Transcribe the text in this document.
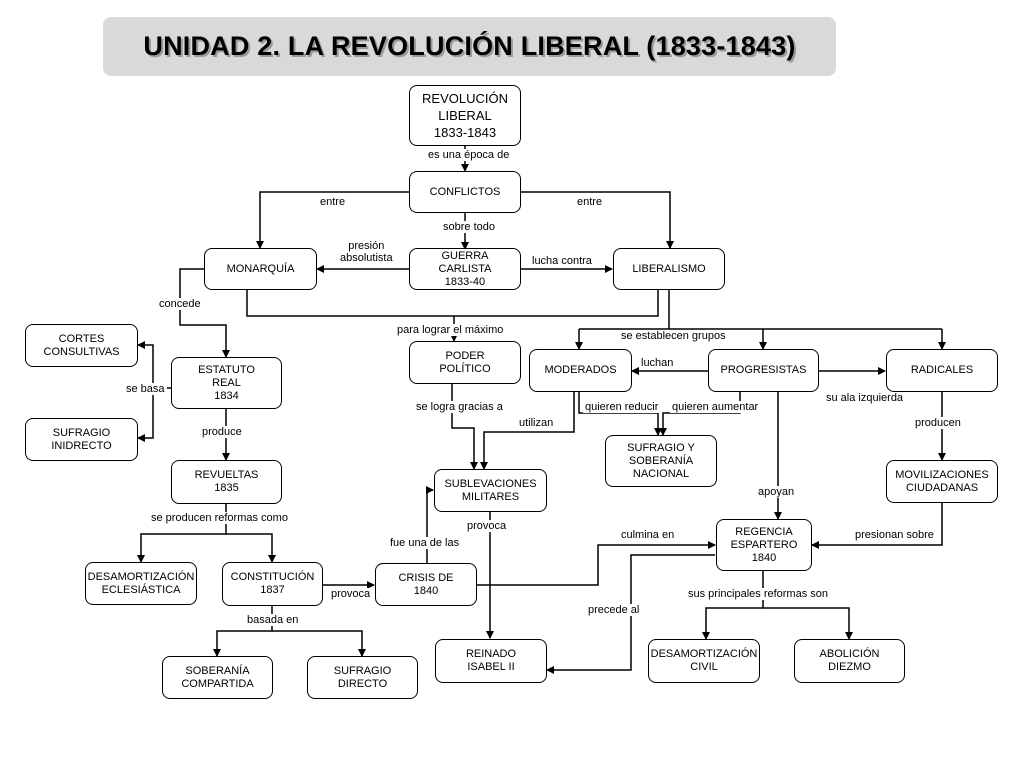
UNIDAD 2. LA REVOLUCIÓN LIBERAL (1833-1843)
REVOLUCIÓN
LIBERAL
1833-1843
CONFLICTOS
MONARQUÍA
GUERRA
CARLISTA
1833-40
LIBERALISMO
CORTES
CONSULTIVAS
ESTATUTO
REAL
1834
SUFRAGIO
INIDRECTO
REVUELTAS
1835
PODER
POLÍTICO	MODERADOS	PROGRESISTAS	RADICALES
SUFRAGIO Y
SOBERANÍA
NACIONAL
SUBLEVACIONES
MILITARES
MOVILIZACIONES
CIUDADANAS
DESAMORTIZACIÓN
ECLESIÁSTICA
CONSTITUCIÓN
1837
CRISIS DE
1840
REGENCIA
ESPARTERO
1840
SOBERANÍA
COMPARTIDA
SUFRAGIO
DIRECTO
REINADO
ISABEL II
DESAMORTIZACIÓN
CIVIL
ABOLICIÓN
DIEZMO
es una época de
entre	entre
sobre todo
presión
absolutista	lucha contra
concede
para lograr el máximo	se establecen grupos
luchan
se basa
produce
se logra gracias a	quieren reducir quieren aumentar
su ala izquierda
utilizan	producen
apoyan
provoca
se producen reformas como
fue una de las
culmina en	presionan sobre
provoca	sus principales reformas son
basada en
precede al
